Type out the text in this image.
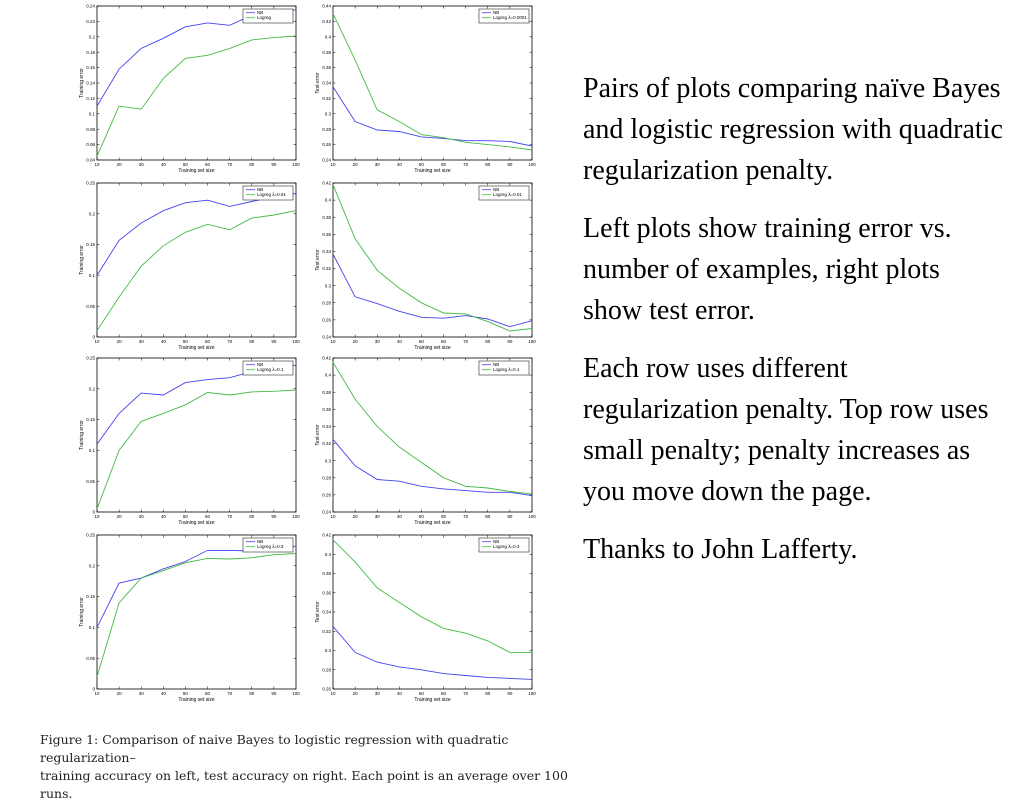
10	20	30	40	50	60	70	80	90	100
0.04
0.06
0.08
0.1
0.12
0.14
0.16
0.18
0.2
0.22
0.24
Training set size
Training error
NB
Logreg
10	20	30	40	50	60	70	80	90	100
0.24
0.26
0.28
0.3
0.32
0.34
0.36
0.38
0.4
0.42
0.44
Training set size
Test error
NB
Logreg λ=0.0001
10	20	30	40	50	60	70	80	90	100
0
0.05
0.1
0.15
0.2
0.25
Training set size
Training error
NB
Logreg λ=0.01
10	20	30	40	50	60	70	80	90	100
0.24
0.26
0.28
0.3
0.32
0.34
0.36
0.38
0.4
0.42
Training set size
Test error
NB
Logreg λ=0.01
10	20	30	40	50	60	70	80	90	100
0
0.05
0.1
0.15
0.2
0.25
Training set size
Training error
NB
Logreg λ=0.1
10	20	30	40	50	60	70	80	90	100
0.24
0.26
0.28
0.3
0.32
0.34
0.36
0.38
0.4
0.42
Training set size
Test error
NB
Logreg λ=0.1
10	20	30	40	50	60	70	80	90	100
0
0.05
0.1
0.15
0.2
0.25
Training set size
Training error
NB
Logreg λ=0.3
10	20	30	40	50	60	70	80	90	100
0.26
0.28
0.3
0.32
0.34
0.36
0.38
0.4
0.42
Training set size
Test error
NB
Logreg λ=0.3

Pairs of plots comparing naïve Bayes and logistic regression with quadratic regularization penalty.

Left plots show training error vs. number of examples, right plots show test error.

Each row uses different regularization penalty. Top row uses small penalty; penalty increases as you move down the page.

Thanks to John Lafferty.

Figure 1: Comparison of naive Bayes to logistic regression with quadratic regularization–
training accuracy on left, test accuracy on right. Each point is an average over 100 runs.
